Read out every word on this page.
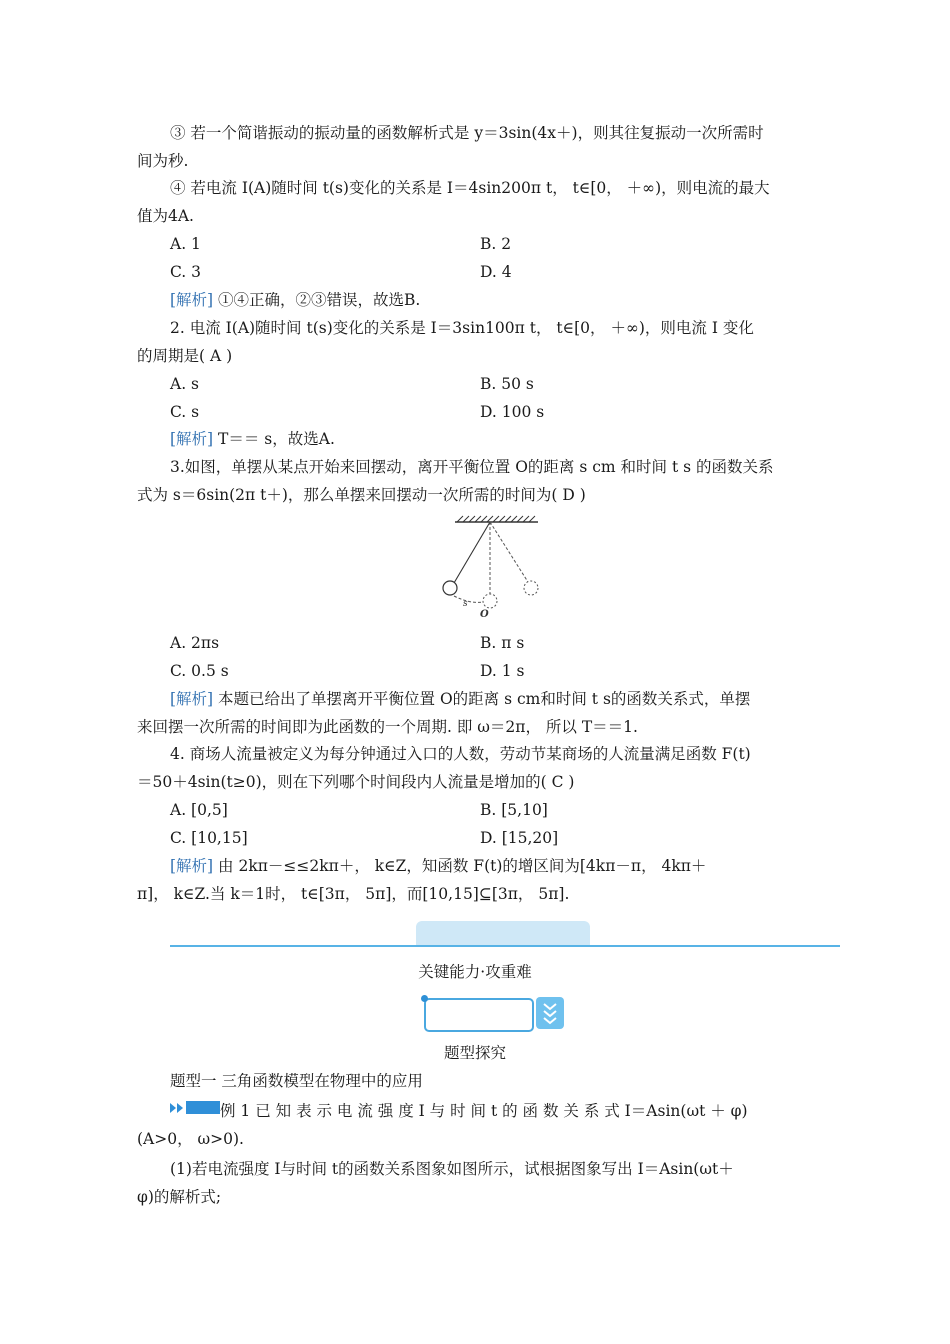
③ 若一个简谐振动的振动量的函数解析式是 y＝3sin(4x＋)，则其往复振动一次所需时
间为秒.
④ 若电流 I(A)随时间 t(s)变化的关系是 I＝4sin200π t， t∈[0， ＋∞)，则电流的最大
值为4A.
A. 1	B. 2
C. 3	D. 4
[解析] ①④正确，②③错误，故选B.
2. 电流 I(A)随时间 t(s)变化的关系是 I＝3sin100π t， t∈[0， ＋∞)，则电流 I 变化
的周期是( A )
A. s	B. 50 s
C. s	D. 100 s
[解析] T＝＝ s，故选A.
3.如图，单摆从某点开始来回摆动，离开平衡位置 O的距离 s cm 和时间 t s 的函数关系
式为 s＝6sin(2π t＋)，那么单摆来回摆动一次所需的时间为( D )
s
O
A. 2πs	B. π s
C. 0.5 s	D. 1 s
[解析] 本题已给出了单摆离开平衡位置 O的距离 s cm和时间 t s的函数关系式，单摆
来回摆一次所需的时间即为此函数的一个周期. 即 ω＝2π， 所以 T＝＝1.
4. 商场人流量被定义为每分钟通过入口的人数，劳动节某商场的人流量满足函数 F(t)
＝50＋4sin(t≥0)，则在下列哪个时间段内人流量是增加的( C )
A. [0,5]	B. [5,10]
C. [10,15]	D. [15,20]
[解析] 由 2kπ－≤≤2kπ＋， k∈Z，知函数 F(t)的增区间为[4kπ－π， 4kπ＋
π]， k∈Z.当 k＝1时， t∈[3π， 5π]，而[10,15]⊆[3π， 5π].
关键能力·攻重难
题型探究
题型一 三角函数模型在物理中的应用
例 1 已 知 表 示 电 流 强 度 I 与 时 间 t 的 函 数 关 系 式 I＝Asin(ωt ＋ φ)
(A>0， ω>0).
(1)若电流强度 I与时间 t的函数关系图象如图所示，试根据图象写出 I＝Asin(ωt＋
φ)的解析式;
